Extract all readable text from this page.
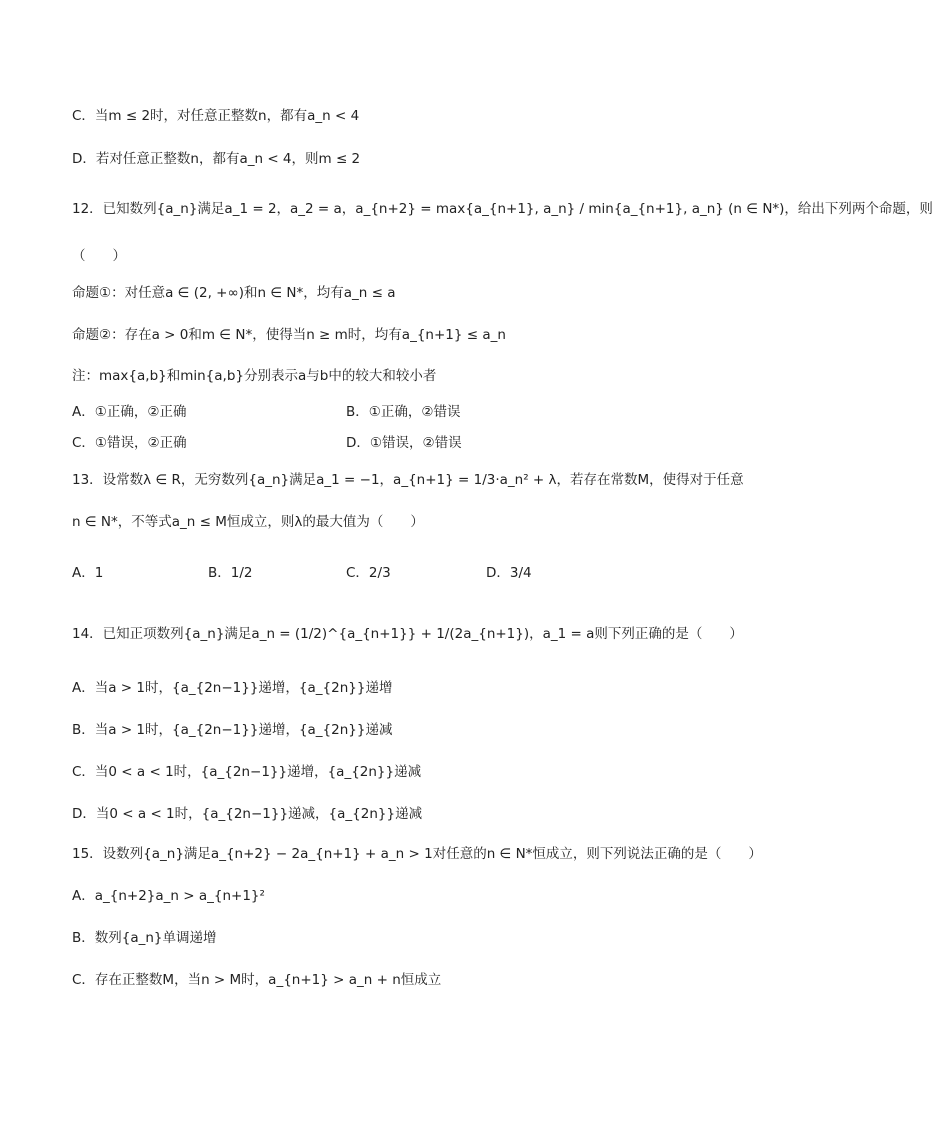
C．当m ≤ 2时，对任意正整数n，都有a_n < 4
D．若对任意正整数n，都有a_n < 4，则m ≤ 2
12．已知数列{a_n}满足a_1 = 2，a_2 = a，a_{n+2} = max{a_{n+1}, a_n} / min{a_{n+1}, a_n} (n ∈ N*)，给出下列两个命题，则
（　　）
命题①：对任意a ∈ (2, +∞)和n ∈ N*，均有a_n ≤ a
命题②：存在a > 0和m ∈ N*，使得当n ≥ m时，均有a_{n+1} ≤ a_n
注：max{a,b}和min{a,b}分别表示a与b中的较大和较小者
A．①正确，②正确	B．①正确，②错误
C．①错误，②正确	D．①错误，②错误
13．设常数λ ∈ R，无穷数列{a_n}满足a_1 = −1，a_{n+1} = 1/3·a_n² + λ，若存在常数M，使得对于任意
n ∈ N*，不等式a_n ≤ M恒成立，则λ的最大值为（　　）
A．1	B．1/2	C．2/3	D．3/4
14．已知正项数列{a_n}满足a_n = (1/2)^{a_{n+1}} + 1/(2a_{n+1})，a_1 = a则下列正确的是（　　）
A．当a > 1时，{a_{2n−1}}递增，{a_{2n}}递增
B．当a > 1时，{a_{2n−1}}递增，{a_{2n}}递减
C．当0 < a < 1时，{a_{2n−1}}递增，{a_{2n}}递减
D．当0 < a < 1时，{a_{2n−1}}递减，{a_{2n}}递减
15．设数列{a_n}满足a_{n+2} − 2a_{n+1} + a_n > 1对任意的n ∈ N*恒成立，则下列说法正确的是（　　）
A．a_{n+2}a_n > a_{n+1}²
B．数列{a_n}单调递增
C．存在正整数M，当n > M时，a_{n+1} > a_n + n恒成立
